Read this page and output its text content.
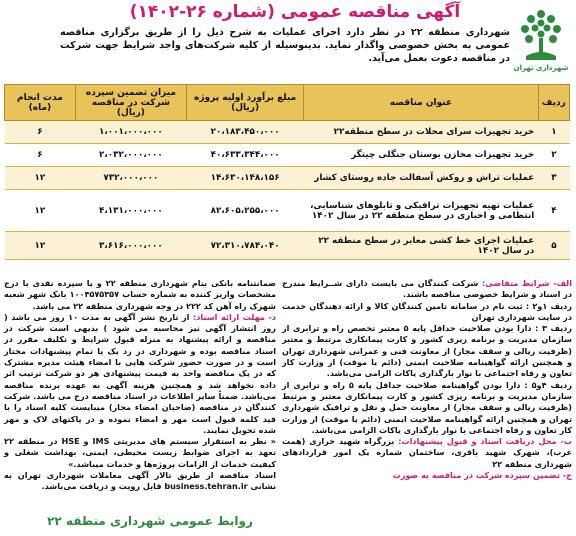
شهرداری تهران
آگهی مناقصه عمومی (شماره ۲۶-۱۴۰۲)
شهرداری منطقه ۲۲ در نظر دارد اجرای عملیات به شرح ذیل را از طریق برگزاری مناقصه عمومی به بخش خصوصی واگذار نماید. بدینوسیله از کلیه شرکت‌های واجد شرایط جهت شرکت در مناقصه دعوت بعمل می‌آید.
ردیف	عنوان مناقصه	مبلغ برآورد اولیه پروژه (ریال)	میزان تضمین سپرده شرکت در مناقصه (ریال)	مدت انجام (ماه)
۱	خرید تجهیزات سرای محلات در سطح منطقه۲۲	۲۰،۱۸۳،۴۵۰،۰۰۰	۱،۰۰۱،۰۰۰،۰۰۰	۶
۲	خرید تجهیزات مخازن بوستان جنگلی چیتگر	۴۰،۶۳۳،۳۴۴،۰۰۰	۲،۰۳۲،۰۰۰،۰۰۰	۶
۳	عملیات تراش و روکش آسفالت جاده روستای کشار	۱۴،۶۳۰،۱۴۸،۱۵۶	۷۳۲،۰۰۰،۰۰۰	۱۲
۴	عملیات تهیه تجهیزات ترافیکی و تابلوهای شناسایی، انتظامی و اخباری در سطح منطقه ۲۲ در سال ۱۴۰۲	۸۲،۶۰۵،۲۵۵،۰۰۰	۴،۱۳۱،۰۰۰،۰۰۰	۱۲
۵	عملیات اجرای خط کشی معابر در سطح منطقه ۲۲ در سال ۱۴۰۲	۷۲،۳۱۰،۷۸۴،۰۴۰	۳،۶۱۶،۰۰۰،۰۰۰	۱۲
الف- شرایط متقاضی: شرکت کنندگان می بایست دارای شــرایط مندرج در اسناد و شرایط خصوصی مناقصه باشند.
ردیف ۱و۲ : ثبت نام در سامانه تامین کنندگان کالا و ارائه دهندگان خدمت در سایت شهرداری تهران
ردیف ۳ : دارا بودن صلاحیت حداقل پایه ۵ معتبر تخصص راه و ترابری از سازمان مدیریت و برنامه ریزی کشور و کارت پیمانکاری مرتبط و معتبر (ظرفیت ریالی و سقف مجاز) از معاونت فنی و عمرانی شهرداری تهران و همچنین ارائه گواهینامه صلاحیت ایمنی (دائم یا موقت) از وزارت کار تعاون و رفاه اجتماعی با نوار بارگذاری یاکات الزامی می‌باشد.
ردیف ۴و۵ : دارا بودن گواهینامه صلاحیت حداقل پایه ۵ راه و ترابری از سازمان مدیریت و برنامه ریزی کشور و کارت پیمانکاری معتبر و مرتبط (ظرفیت ریالی و سقف مجاز) از معاونت حمل و نقل و ترافیک شهرداری تهران و همچنین ارائه گواهینامه صلاحیت ایمنی (دائم یا موقت) از وزارت کار تعاون و رفاه اجتماعی با نوار بارگذاری یاکات الزامی می‌باشد.
ب- محل دریافت اسناد و قبول پیشنهادات: بزرگراه شهید خرازی (همت غرب)، شهرک شهید باقری، ساختمان شماره یک امور قراردادهای شهرداری منطقه ۲۲
ج- تضمین سپرده شرکت در مناقصه به صورت
ضمانتنامه بانکی بنام شهرداری منطقه ۲۲ و یا سپرده نقدی با درج مشخصات واریز کننده به شماره حساب ۱۰۰۴۵۷۵۳۵۷ بانک شهر شعبه شهرک راه آهن کد ۲۲۲ در وجه شهرداری منطقه ۲۲ می باشد.
د- مهلت ارائه اسناد: از تاریخ نشر آگهی به مدت ۱۰ روز می باشد ( روز انتشار آگهی نیز محاسبه می شود ) بدیهی است شرکت در مناقصه و ارائه پیشنهاد به منزله قبول شرایط و تکلیف مقرر در اسناد مناقصه بوده و شهرداری در رد یک یا تمام پیشنهادات مختار است و در صورت حضور شرکت هایی با امضاء هیئت مدیره مشترک که در یک مناقصه واحد به قیمت پیشنهادی هر دو شرکت ترتیب اثر داده نخواهد شد و همچنین هزینه آگهی به عهده برنده مناقصه می‌باشد. ضمناً سایر اطلاعات در اسناد مناقصه درج می باشد. شرکت کنندگان در مناقصه (صاحبان امضاء مجاز) میبایست کلیه اسناد را با قید کلمه قبول است مهر و امضاء نموده و در پاکتهای لاک و مهر شده تحویل نمایند.
« نظر به استقرار سیستم های مدیریتی IMS و HSE در منطقه ۲۲ تعهد به اجرای ضوابط زیست محیطی، ایمنی، بهداشت شغلی و کیفیت خدمات از الزامات پروژه‌ها و خدمات میباشد.»
اسناد مناقصه از طریق تالار آگهی معاملات شهرداری تهران به نشانی business.tehran.ir قابل رویت و دریافت می‌باشد.
روابط عمومی شهرداری منطقه ۲۲
